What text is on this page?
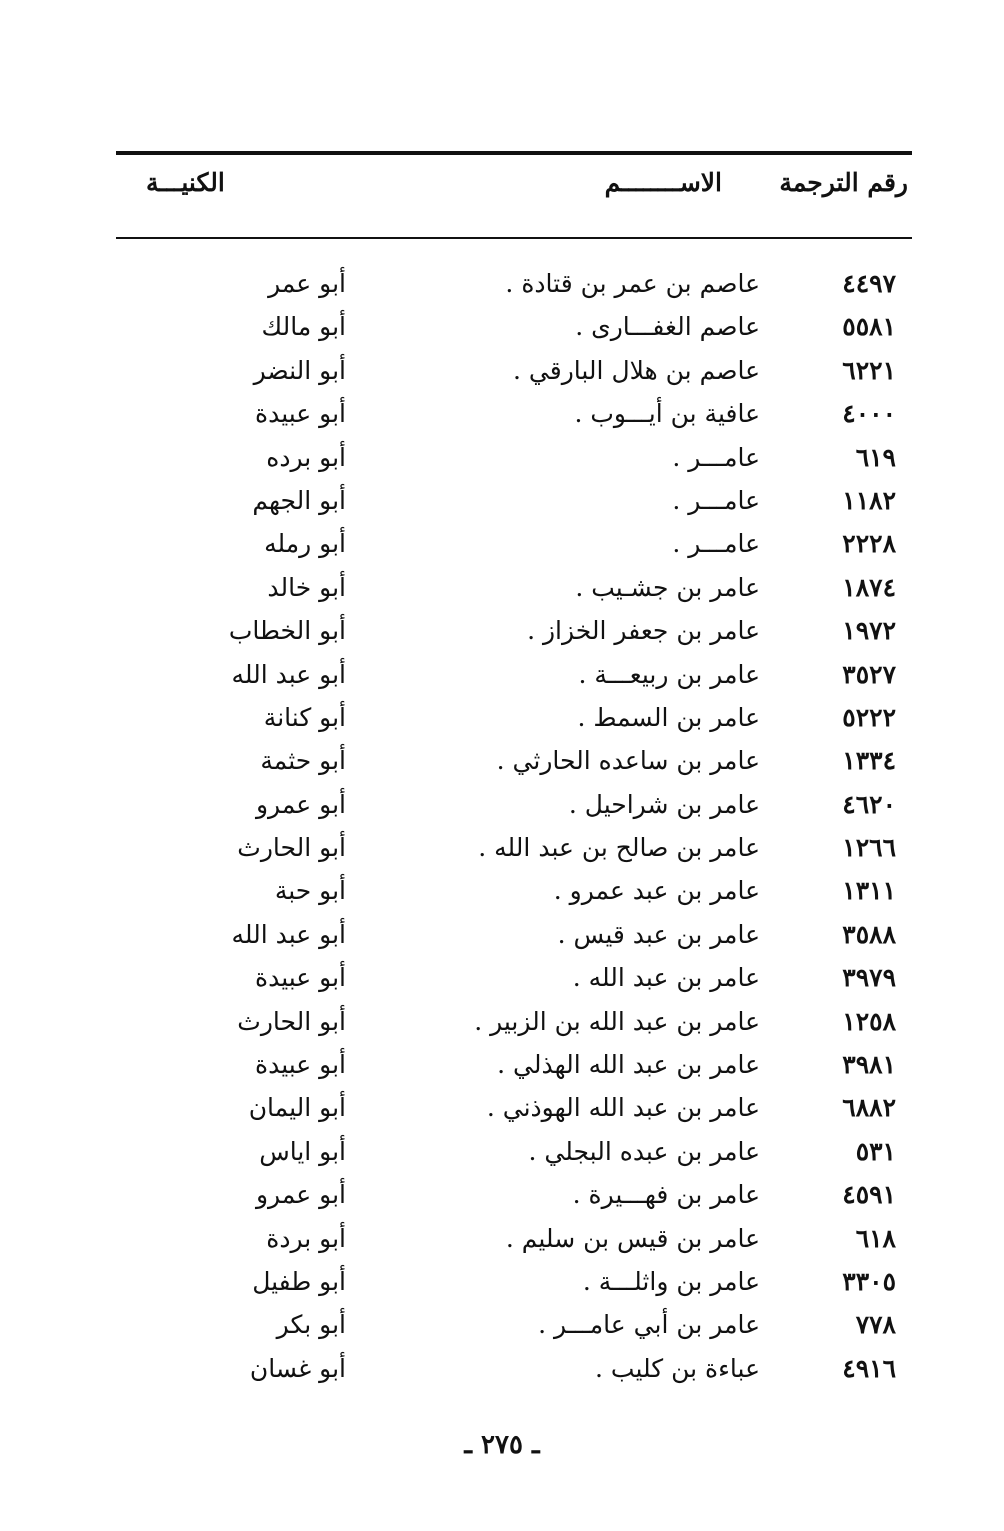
رقم الترجمة
الاســــــــم
الكنيـــة
٤٤٩٧
عاصم بن عمر بن قتادة .
أبو عمر
٥٥٨١
عاصم الغفـــارى .
أبو مالك
٦٢٢١
عاصم بن هلال البارقي .
أبو النضر
٤٠٠٠
عافية بن أيـــوب .
أبو عبيدة
٦١٩
عامـــر .
أبو برده
١١٨٢
عامـــر .
أبو الجهم
٢٢٢٨
عامـــر .
أبو رمله
١٨٧٤
عامر بن جشـيب .
أبو خالد
١٩٧٢
عامر بن جعفر الخزاز .
أبو الخطاب
٣٥٢٧
عامر بن ربيعـــة .
أبو عبد الله
٥٢٢٢
عامر بن السمط .
أبو كنانة
١٣٣٤
عامر بن ساعده الحارثي .
أبو حثمة
٤٦٢٠
عامر بن شراحيل .
أبو عمرو
١٢٦٦
عامر بن صالح بن عبد الله .
أبو الحارث
١٣١١
عامر بن عبد عمرو .
أبو حبة
٣٥٨٨
عامر بن عبد قيس .
أبو عبد الله
٣٩٧٩
عامر بن عبد الله .
أبو عبيدة
١٢٥٨
عامر بن عبد الله بن الزبير .
أبو الحارث
٣٩٨١
عامر بن عبد الله الهذلي .
أبو عبيدة
٦٨٨٢
عامر بن عبد الله الهوذني .
أبو اليمان
٥٣١
عامر بن عبده البجلي .
أبو اياس
٤٥٩١
عامر بن فهـــيرة .
أبو عمرو
٦١٨
عامر بن قيس بن سليم .
أبو بردة
٣٣٠٥
عامر بن واثلـــة .
أبو طفيل
٧٧٨
عامر بن أبي عامـــر .
أبو بكر
٤٩١٦
عباءة بن كليب .
أبو غسان
ـ ٢٧٥ ـ
